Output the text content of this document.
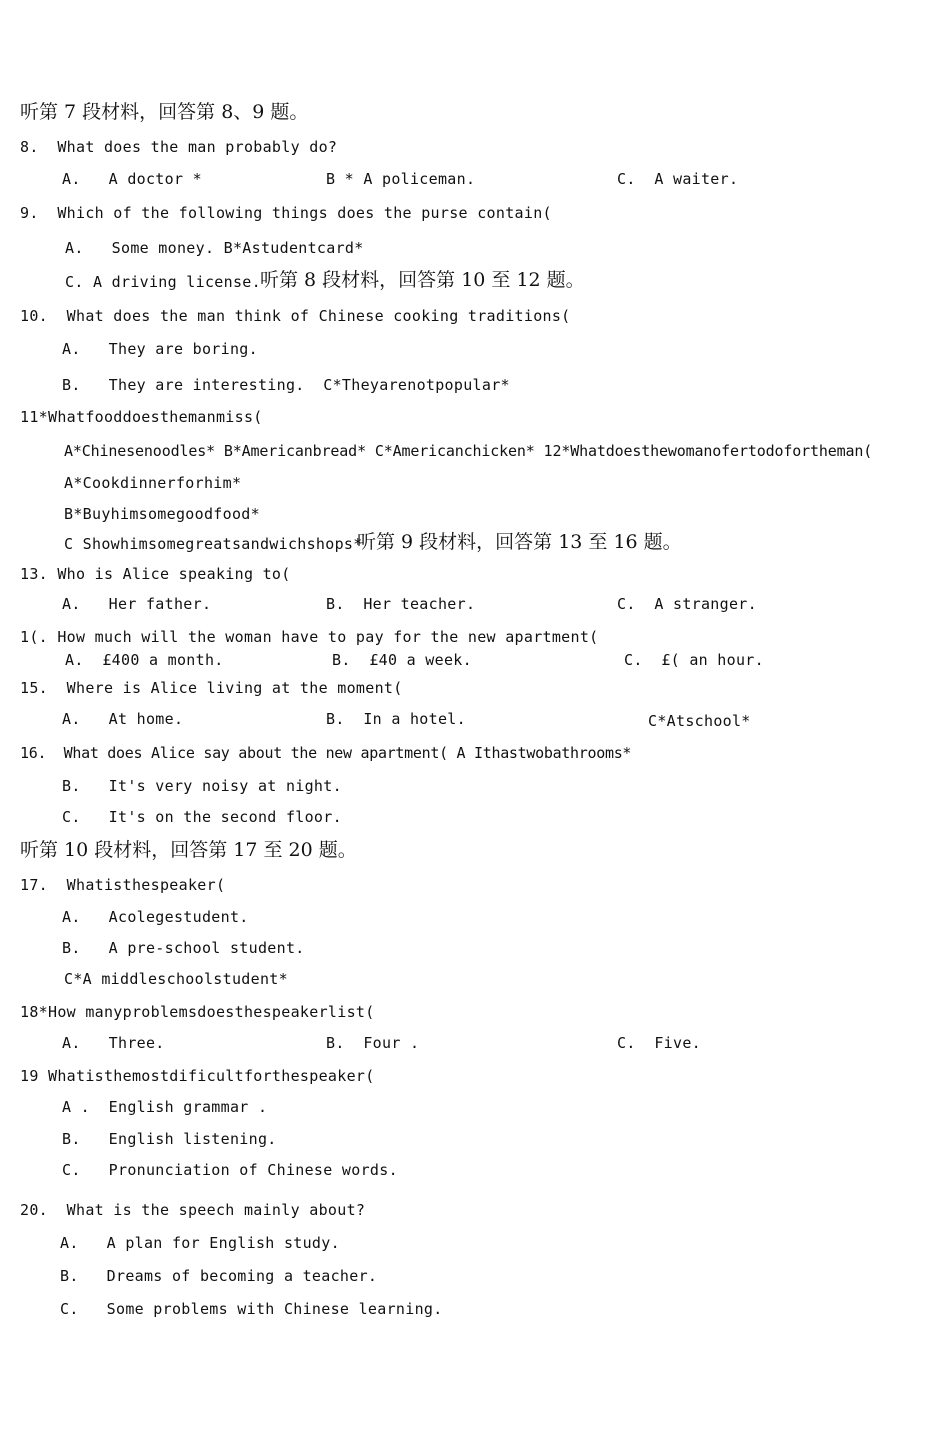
听第 7 段材料，回答第 8、9 题。
8.  What does the man probably do?
A.   A doctor *	B * A policeman.	C.  A waiter.
9.  Which of the following things does the purse contain(
A.   Some money. B*Astudentcard*
C. A driving license. 听第 8 段材料，回答第 10 至 12 题。
10.  What does the man think of Chinese cooking traditions(
A.   They are boring.
B.   They are interesting.  C*Theyarenotpopular*
11*Whatfooddoesthemanmiss(
A*Chinesenoodles* B*Americanbread* C*Americanchicken* 12*Whatdoesthewomanofertodofortheman(
A*Cookdinnerforhim*
B*Buyhimsomegoodfood*
C Showhimsomegreatsandwichshops*
听第 9 段材料，回答第 13 至 16 题。
13. Who is Alice speaking to(
A.   Her father.	B.  Her teacher.	C.  A stranger.
1(. How much will the woman have to pay for the new apartment(
A.  £400 a month.	B.  £40 a week.	C.  £( an hour.
15.  Where is Alice living at the moment(
A.   At home.	B.  In a hotel.	C*Atschool*
16.  What does Alice say about the new apartment( A Ithastwobathrooms*
B.   It's very noisy at night.
C.   It's on the second floor.
听第 10 段材料，回答第 17 至 20 题。
17.  Whatisthespeaker(
A.   Acolegestudent.
B.   A pre-school student.
C*A middleschoolstudent*
18*How manyproblemsdoesthespeakerlist(
A.   Three.	B.  Four .	C.  Five.
19 Whatisthemostdificultforthespeaker(
A .  English grammar .
B.   English listening.
C.   Pronunciation of Chinese words.
20.  What is the speech mainly about?
A.   A plan for English study.
B.   Dreams of becoming a teacher.
C.   Some problems with Chinese learning.
